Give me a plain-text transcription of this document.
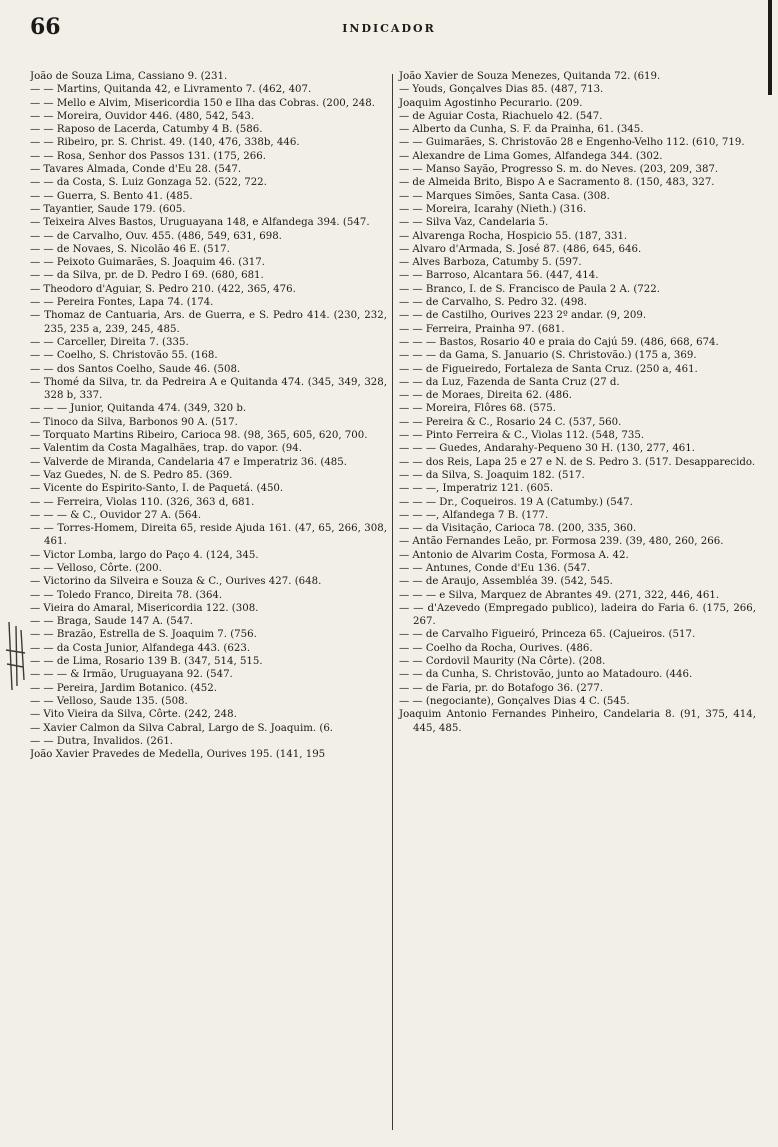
66	INDICADOR
João de Souza Lima, Cassiano 9. (231.
— — Martins, Quitanda 42, e Livramento 7. (462, 407.
— — Mello e Alvim, Misericordia 150 e Ilha das Cobras. (200, 248.
— — Moreira, Ouvidor 446. (480, 542, 543.
— — Raposo de Lacerda, Catumby 4 B. (586.
— — Ribeiro, pr. S. Christ. 49. (140, 476, 338b, 446.
— — Rosa, Senhor dos Passos 131. (175, 266.
— Tavares Almada, Conde d'Eu 28. (547.
— — da Costa, S. Luiz Gonzaga 52. (522, 722.
— — Guerra, S. Bento 41. (485.
— Tayantier, Saude 179. (605.
— Teixeira Alves Bastos, Uruguayana 148, e Alfandega 394. (547.
— — de Carvalho, Ouv. 455. (486, 549, 631, 698.
— — de Novaes, S. Nicolão 46 E. (517.
— — Peixoto Guimarães, S. Joaquim 46. (317.
— — da Silva, pr. de D. Pedro I 69. (680, 681.
— Theodoro d'Aguiar, S. Pedro 210. (422, 365, 476.
— — Pereira Fontes, Lapa 74. (174.
— Thomaz de Cantuaria, Ars. de Guerra, e S. Pedro 414. (230, 232, 235, 235 a, 239, 245, 485.
— — Carceller, Direita 7. (335.
— — Coelho, S. Christovão 55. (168.
— — dos Santos Coelho, Saude 46. (508.
— Thomé da Silva, tr. da Pedreira A e Quitanda 474. (345, 349, 328, 328 b, 337.
— — — Junior, Quitanda 474. (349, 320 b.
— Tinoco da Silva, Barbonos 90 A. (517.
— Torquato Martins Ribeiro, Carioca 98. (98, 365, 605, 620, 700.
— Valentim da Costa Magalhães, trap. do vapor. (94.
— Valverde de Miranda, Candelaria 47 e Imperatriz 36. (485.
— Vaz Guedes, N. de S. Pedro 85. (369.
— Vicente do Espirito-Santo, I. de Paquetá. (450.
— — Ferreira, Violas 110. (326, 363 d, 681.
— — — & C., Ouvidor 27 A. (564.
— — Torres-Homem, Direita 65, reside Ajuda 161. (47, 65, 266, 308, 461.
— Victor Lomba, largo do Paço 4. (124, 345.
— — Velloso, Côrte. (200.
— Victorino da Silveira e Souza & C., Ourives 427. (648.
— — Toledo Franco, Direita 78. (364.
— Vieira do Amaral, Misericordia 122. (308.
— — Braga, Saude 147 A. (547.
— — Brazão, Estrella de S. Joaquim 7. (756.
— — da Costa Junior, Alfandega 443. (623.
— — de Lima, Rosario 139 B. (347, 514, 515.
— — — & Irmão, Uruguayana 92. (547.
— — Pereira, Jardim Botanico. (452.
— — Velloso, Saude 135. (508.
— Vito Vieira da Silva, Côrte. (242, 248.
— Xavier Calmon da Silva Cabral, Largo de S. Joaquim. (6.
— — Dutra, Invalidos. (261.
João Xavier Pravedes de Medella, Ourives 195. (141, 195
João Xavier de Souza Menezes, Quitanda 72. (619.
— Youds, Gonçalves Dias 85. (487, 713.
Joaquim Agostinho Pecurario. (209.
— de Aguiar Costa, Riachuelo 42. (547.
— Alberto da Cunha, S. F. da Prainha, 61. (345.
— — Guimarães, S. Christovão 28 e Engenho-Velho 112. (610, 719.
— Alexandre de Lima Gomes, Alfandega 344. (302.
— — Manso Sayão, Progresso S. m. do Neves. (203, 209, 387.
— de Almeida Brito, Bispo A e Sacramento 8. (150, 483, 327.
— — Marques Simões, Santa Casa. (308.
— — Moreira, Icarahy (Nieth.) (316.
— — Silva Vaz, Candelaria 5.
— Alvarenga Rocha, Hospicio 55. (187, 331.
— Alvaro d'Armada, S. José 87. (486, 645, 646.
— Alves Barboza, Catumby 5. (597.
— — Barroso, Alcantara 56. (447, 414.
— — Branco, I. de S. Francisco de Paula 2 A. (722.
— — de Carvalho, S. Pedro 32. (498.
— — de Castilho, Ourives 223 2º andar. (9, 209.
— — Ferreira, Prainha 97. (681.
— — — Bastos, Rosario 40 e praia do Cajú 59. (486, 668, 674.
— — — da Gama, S. Januario (S. Christovão.) (175 a, 369.
— — de Figueiredo, Fortaleza de Santa Cruz. (250 a, 461.
— — da Luz, Fazenda de Santa Cruz (27 d.
— — de Moraes, Direita 62. (486.
— — Moreira, Flôres 68. (575.
— — Pereira & C., Rosario 24 C. (537, 560.
— — Pinto Ferreira & C., Violas 112. (548, 735.
— — — Guedes, Andarahy-Pequeno 30 H. (130, 277, 461.
— — dos Reis, Lapa 25 e 27 e N. de S. Pedro 3. (517. Desapparecido.
— — da Silva, S. Joaquim 182. (517.
— — —, Imperatriz 121. (605.
— — — Dr., Coqueiros. 19 A (Catumby.) (547.
— — —, Alfandega 7 B. (177.
— — da Visitação, Carioca 78. (200, 335, 360.
— Antão Fernandes Leão, pr. Formosa 239. (39, 480, 260, 266.
— Antonio de Alvarim Costa, Formosa A. 42.
— — Antunes, Conde d'Eu 136. (547.
— — de Araujo, Assembléa 39. (542, 545.
— — — e Silva, Marquez de Abrantes 49. (271, 322, 446, 461.
— — d'Azevedo (Empregado publico), ladeira do Faria 6. (175, 266, 267.
— — de Carvalho Figueiró, Princeza 65. (Cajueiros. (517.
— — Coelho da Rocha, Ourives. (486.
— — Cordovil Maurity (Na Côrte). (208.
— — da Cunha, S. Christovão, junto ao Matadouro. (446.
— — de Faria, pr. do Botafogo 36. (277.
— — (negociante), Gonçalves Dias 4 C. (545.
Joaquim Antonio Fernandes Pinheiro, Candelaria 8. (91, 375, 414, 445, 485.
